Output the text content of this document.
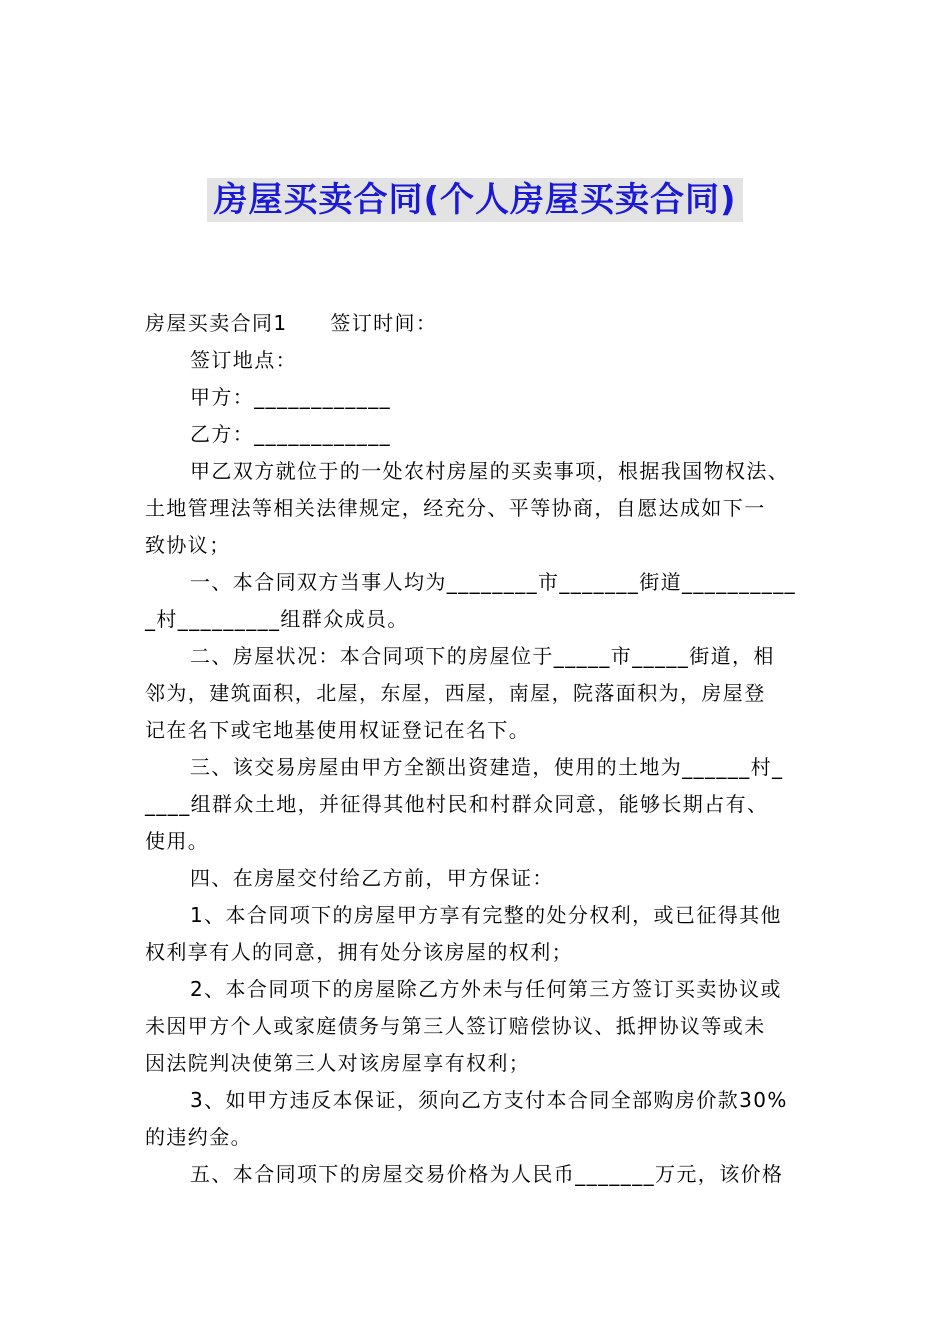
房屋买卖合同(个人房屋买卖合同)
房屋买卖合同1　　签订时间：
签订地点：
甲方：____________
乙方：____________
甲乙双方就位于的一处农村房屋的买卖事项，根据我国物权法、
土地管理法等相关法律规定，经充分、平等协商，自愿达成如下一
致协议；
一、本合同双方当事人均为________市_______街道__________
_村_________组群众成员。
二、房屋状况：本合同项下的房屋位于_____市_____街道，相
邻为，建筑面积，北屋，东屋，西屋，南屋，院落面积为，房屋登
记在名下或宅地基使用权证登记在名下。
三、该交易房屋由甲方全额出资建造，使用的土地为______村_
____组群众土地，并征得其他村民和村群众同意，能够长期占有、
使用。
四、在房屋交付给乙方前，甲方保证：
1、本合同项下的房屋甲方享有完整的处分权利，或已征得其他
权利享有人的同意，拥有处分该房屋的权利；
2、本合同项下的房屋除乙方外未与任何第三方签订买卖协议或
未因甲方个人或家庭债务与第三人签订赔偿协议、抵押协议等或未
因法院判决使第三人对该房屋享有权利；
3、如甲方违反本保证，须向乙方支付本合同全部购房价款30%
的违约金。
五、本合同项下的房屋交易价格为人民币_______万元，该价格
